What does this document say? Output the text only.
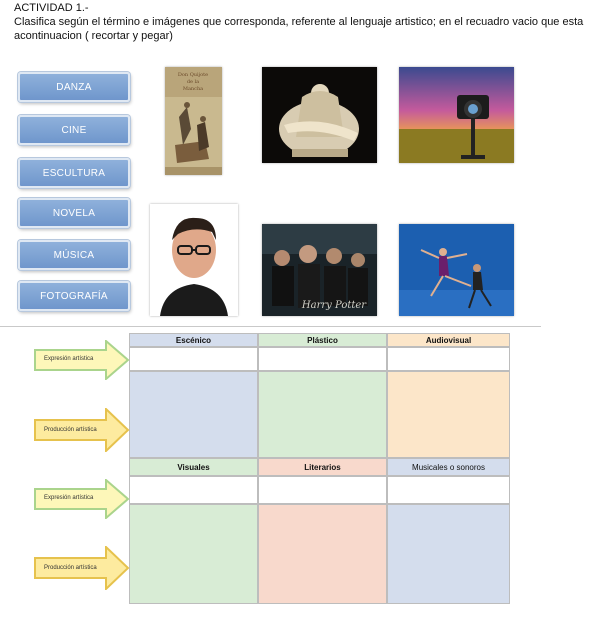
ACTIVIDAD 1.-
Clasifica según el término e imágenes que corresponda, referente al lenguaje artistico; en el recuadro vacio que esta acontinuacion ( recortar y pegar)
DANZA
CINE
ESCULTURA
NOVELA
MÚSICA
FOTOGRAFÍA
Don Quijote
de la
Mancha
Harry Potter
Escénico	Plástico	Audiovisual
Visuales	Literarios	Musicales o sonoros
Expresión artística
Producción artística
Expresión artística
Producción artística
